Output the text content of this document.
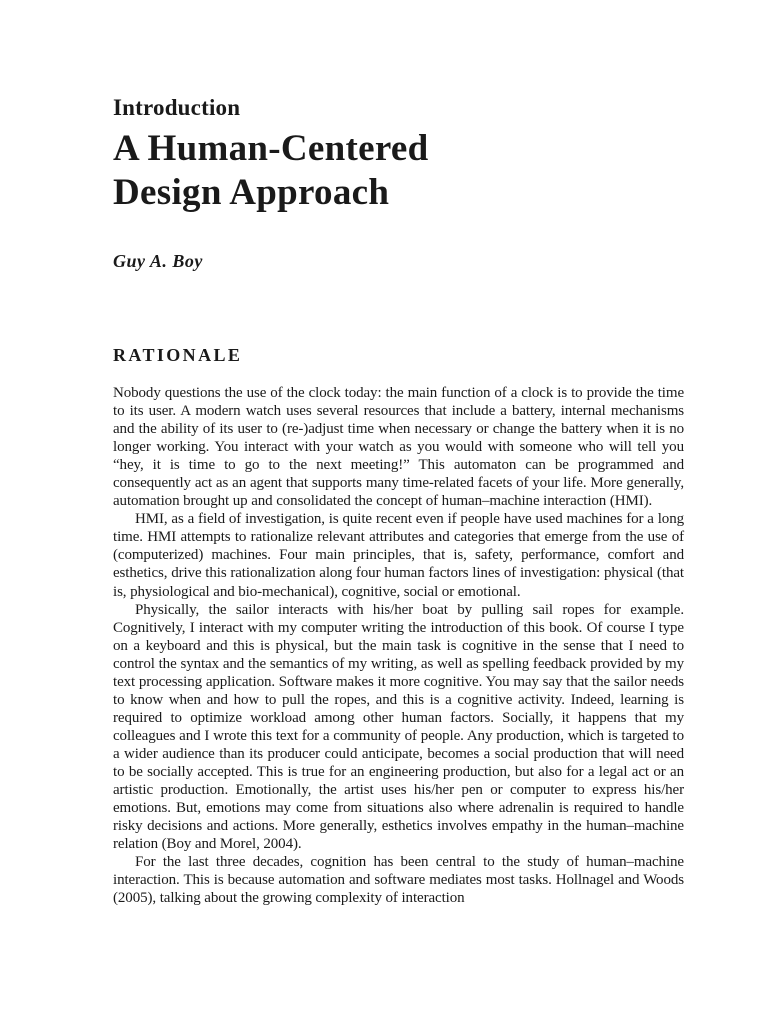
Introduction
A Human-Centered
Design Approach
Guy A. Boy
RATIONALE

Nobody questions the use of the clock today: the main function of a clock is to provide the time to its user. A modern watch uses several resources that include a battery, internal mechanisms and the ability of its user to (re-)adjust time when necessary or change the battery when it is no longer working. You interact with your watch as you would with someone who will tell you “hey, it is time to go to the next meeting!” This automaton can be programmed and consequently act as an agent that supports many time-related facets of your life. More generally, automation brought up and consolidated the concept of human–machine interaction (HMI).

HMI, as a field of investigation, is quite recent even if people have used machines for a long time. HMI attempts to rationalize relevant attributes and categories that emerge from the use of (computerized) machines. Four main principles, that is, safety, performance, comfort and esthetics, drive this rationalization along four human factors lines of investigation: physical (that is, physiological and bio-mechanical), cognitive, social or emotional.

Physically, the sailor interacts with his/her boat by pulling sail ropes for example. Cognitively, I interact with my computer writing the introduction of this book. Of course I type on a keyboard and this is physical, but the main task is cognitive in the sense that I need to control the syntax and the semantics of my writing, as well as spelling feedback provided by my text processing application. Software makes it more cognitive. You may say that the sailor needs to know when and how to pull the ropes, and this is a cognitive activity. Indeed, learning is required to optimize workload among other human factors. Socially, it happens that my colleagues and I wrote this text for a community of people. Any production, which is targeted to a wider audience than its producer could anticipate, becomes a social production that will need to be socially accepted. This is true for an engineering production, but also for a legal act or an artistic production. Emotionally, the artist uses his/her pen or computer to express his/her emotions. But, emotions may come from situations also where adrenalin is required to handle risky decisions and actions. More generally, esthetics involves empathy in the human–machine relation (Boy and Morel, 2004).

For the last three decades, cognition has been central to the study of human–machine interaction. This is because automation and software mediates most tasks. Hollnagel and Woods (2005), talking about the growing complexity of interaction
